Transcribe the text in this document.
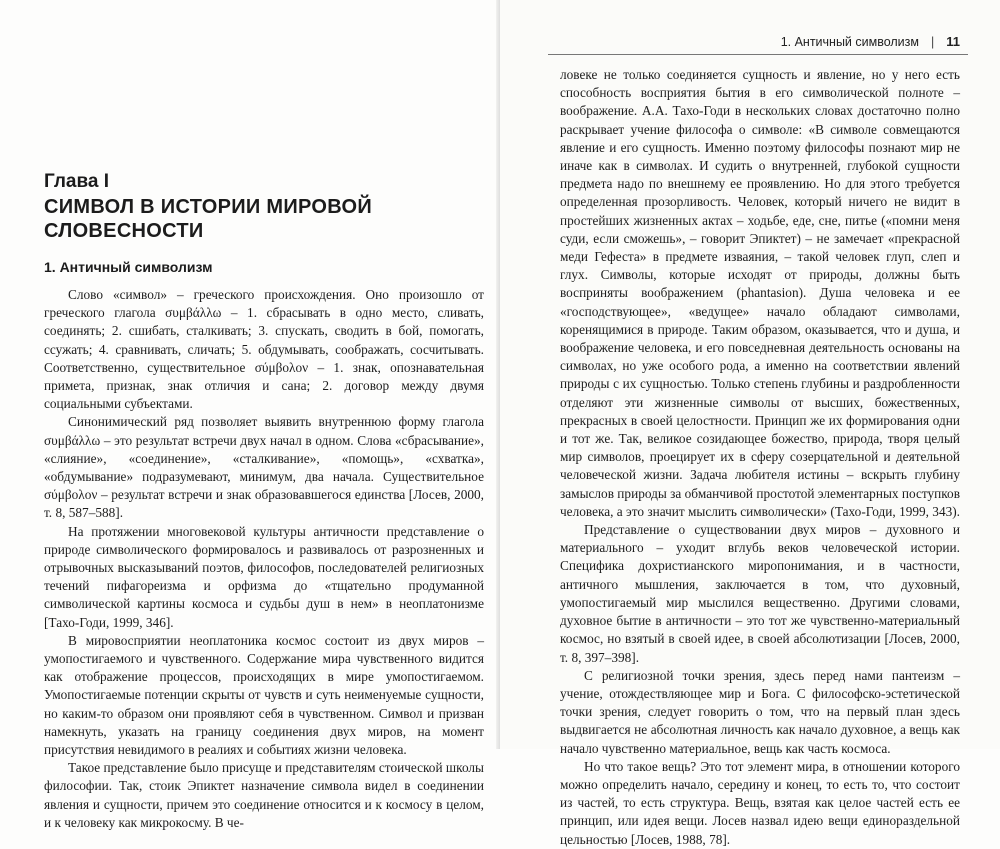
Глава I
СИМВОЛ В ИСТОРИИ МИРОВОЙ СЛОВЕСНОСТИ
1. Античный символизм

Слово «символ» – греческого происхождения. Оно произошло от греческого глагола συμβάλλω – 1. сбрасывать в одно место, сливать, соединять; 2. сшибать, сталкивать; 3. спускать, сводить в бой, помогать, ссужать; 4. сравнивать, сличать; 5. обдумывать, соображать, сосчитывать. Соответственно, существительное σύμβολον – 1. знак, опознавательная примета, признак, знак отличия и сана; 2. договор между двумя социальными субъектами.

Синонимический ряд позволяет выявить внутреннюю форму глагола συμβάλλω – это результат встречи двух начал в одном. Слова «сбрасывание», «слияние», «соединение», «сталкивание», «помощь», «схватка», «обдумывание» подразумевают, минимум, два начала. Существительное σύμβολον – результат встречи и знак образовавшегося единства [Лосев, 2000, т. 8, 587–588].

На протяжении многовековой культуры античности представление о природе символического формировалось и развивалось от разрозненных и отрывочных высказываний поэтов, философов, последователей религиозных течений пифагореизма и орфизма до «тщательно продуманной символической картины космоса и судьбы душ в нем» в неоплатонизме [Тахо-Годи, 1999, 346].

В мировосприятии неоплатоника космос состоит из двух миров – умопостигаемого и чувственного. Содержание мира чувственного видится как отображение процессов, происходящих в мире умопостигаемом. Умопостигаемые потенции скрыты от чувств и суть неименуемые сущности, но каким-то образом они проявляют себя в чувственном. Символ и призван намекнуть, указать на границу соединения двух миров, на момент присутствия невидимого в реалиях и событиях жизни человека.

Такое представление было присуще и представителям стоической школы философии. Так, стоик Эпиктет назначение символа видел в соединении явления и сущности, причем это соединение относится и к космосу в целом, и к человеку как микрокосму. В че-

ловеке не только соединяется сущность и явление, но у него есть способность восприятия бытия в его символической полноте – воображение. А.А. Тахо-Годи в нескольких словах достаточно полно раскрывает учение философа о символе: «В символе совмещаются явление и его сущность. Именно поэтому философы познают мир не иначе как в символах. И судить о внутренней, глубокой сущности предмета надо по внешнему ее проявлению. Но для этого требуется определенная прозорливость. Человек, который ничего не видит в простейших жизненных актах – ходьбе, еде, сне, питье («помни меня суди, если сможешь», – говорит Эпиктет) – не замечает «прекрасной меди Гефеста» в предмете изваяния, – такой человек глуп, слеп и глух. Символы, которые исходят от природы, должны быть восприняты воображением (phantasion). Душа человека и ее «господствующее», «ведущее» начало обладают символами, коренящимися в природе. Таким образом, оказывается, что и душа, и воображение человека, и его повседневная деятельность основаны на символах, но уже особого рода, а именно на соответствии явлений природы с их сущностью. Только степень глубины и раздробленности отделяют эти жизненные символы от высших, божественных, прекрасных в своей целостности. Принцип же их формирования одни и тот же. Так, великое созидающее божество, природа, творя целый мир символов, проецирует их в сферу созерцательной и деятельной человеческой жизни. Задача любителя истины – вскрыть глубину замыслов природы за обманчивой простотой элементарных поступков человека, а это значит мыслить символически» (Тахо-Годи, 1999, 343).

Представление о существовании двух миров – духовного и материального – уходит вглубь веков человеческой истории. Специфика дохристианского миропонимания, и в частности, античного мышления, заключается в том, что духовный, умопостигаемый мир мыслился вещественно. Другими словами, духовное бытие в античности – это тот же чувственно-материальный космос, но взятый в своей идее, в своей абсолютизации [Лосев, 2000, т. 8, 397–398].

С религиозной точки зрения, здесь перед нами пантеизм – учение, отождествляющее мир и Бога. С философско-эстетической точки зрения, следует говорить о том, что на первый план здесь выдвигается не абсолютная личность как начало духовное, а вещь как начало чувственно материальное, вещь как часть космоса.

Но что такое вещь? Это тот элемент мира, в отношении которого можно определить начало, середину и конец, то есть то, что состоит из частей, то есть структура. Вещь, взятая как целое частей есть ее принцип, или идея вещи. Лосев назвал идею вещи единораздельной цельностью [Лосев, 1988, 78].

1. Античный символизм | 11
